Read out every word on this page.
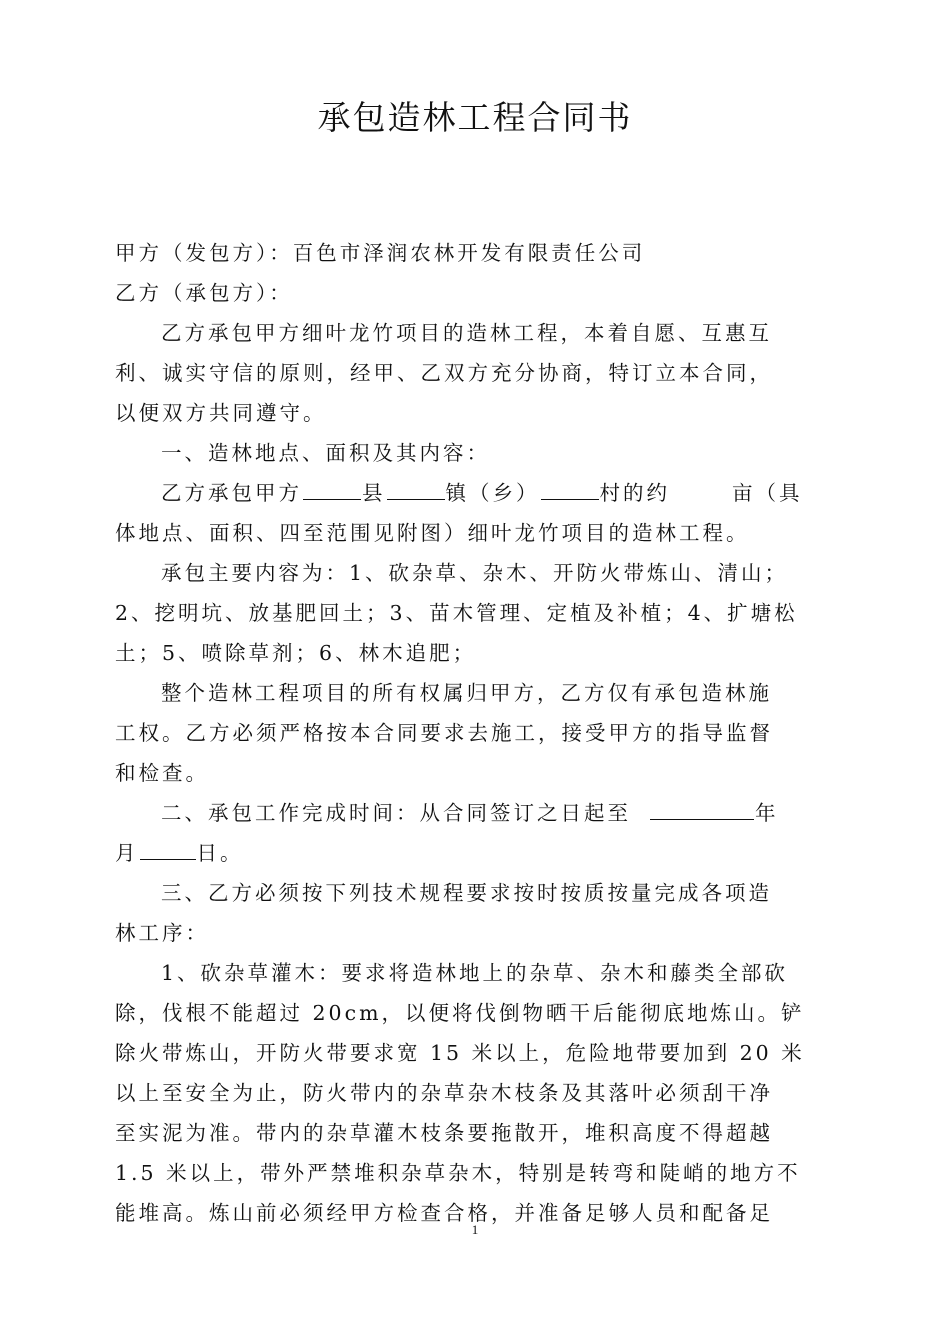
承包造林工程合同书
甲方（发包方）：百色市泽润农林开发有限责任公司
乙方（承包方）：
乙方承包甲方细叶龙竹项目的造林工程，本着自愿、互惠互
利、诚实守信的原则，经甲、乙双方充分协商，特订立本合同，
以便双方共同遵守。
一、造林地点、面积及其内容：
乙方承包甲方	县	镇（乡）	村的约	亩（具
体地点、面积、四至范围见附图）细叶龙竹项目的造林工程。
承包主要内容为：1、砍杂草、杂木、开防火带炼山、清山；
2、挖明坑、放基肥回土；3、苗木管理、定植及补植；4、扩塘松
土；5、喷除草剂；6、林木追肥；
整个造林工程项目的所有权属归甲方，乙方仅有承包造林施
工权。乙方必须严格按本合同要求去施工，接受甲方的指导监督
和检查。
二、承包工作完成时间：从合同签订之日起至	年
月	日。
三、乙方必须按下列技术规程要求按时按质按量完成各项造
林工序：
1、砍杂草灌木：要求将造林地上的杂草、杂木和藤类全部砍
除，伐根不能超过 20cm，以便将伐倒物晒干后能彻底地炼山。铲
除火带炼山，开防火带要求宽 15 米以上，危险地带要加到 20 米
以上至安全为止，防火带内的杂草杂木枝条及其落叶必须刮干净
至实泥为准。带内的杂草灌木枝条要拖散开，堆积高度不得超越
1.5 米以上，带外严禁堆积杂草杂木，特别是转弯和陡峭的地方不
能堆高。炼山前必须经甲方检查合格，并准备足够人员和配备足
1
